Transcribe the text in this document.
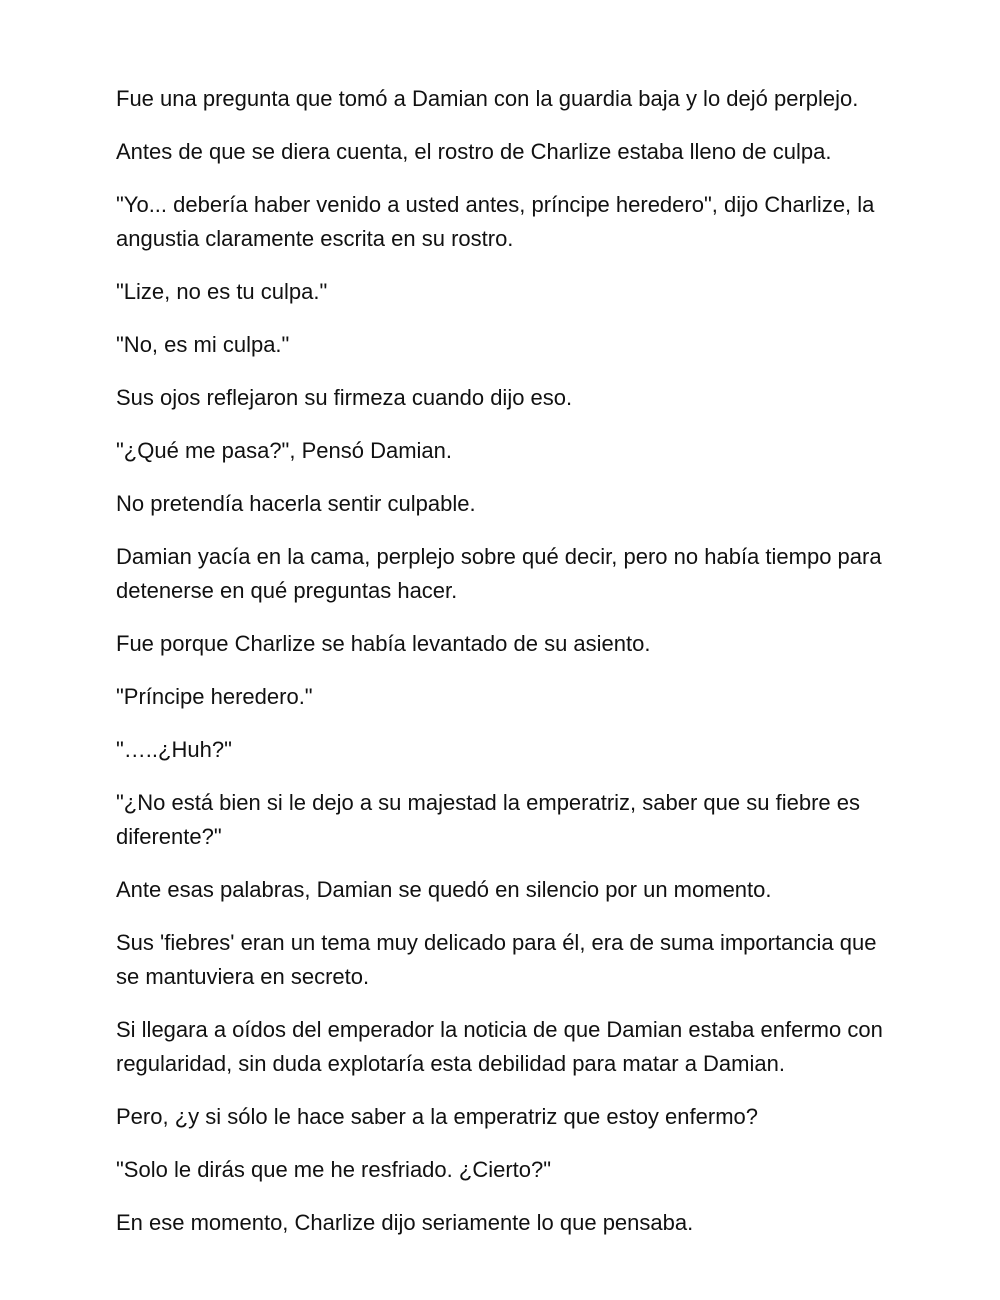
Fue una pregunta que tomó a Damian con la guardia baja y lo dejó perplejo.

Antes de que se diera cuenta, el rostro de Charlize estaba lleno de culpa.

"Yo... debería haber venido a usted antes, príncipe heredero", dijo Charlize, la angustia claramente escrita en su rostro.

"Lize, no es tu culpa."

"No, es mi culpa."

Sus ojos reflejaron su firmeza cuando dijo eso.

"¿Qué me pasa?", Pensó Damian.

No pretendía hacerla sentir culpable.

Damian yacía en la cama, perplejo sobre qué decir, pero no había tiempo para detenerse en qué preguntas hacer.

Fue porque Charlize se había levantado de su asiento.

"Príncipe heredero."

"…..¿Huh?"

"¿No está bien si le dejo a su majestad la emperatriz, saber que su fiebre es diferente?"

Ante esas palabras, Damian se quedó en silencio por un momento.

Sus 'fiebres' eran un tema muy delicado para él, era de suma importancia que se mantuviera en secreto.

Si llegara a oídos del emperador la noticia de que Damian estaba enfermo con regularidad, sin duda explotaría esta debilidad para matar a Damian.

Pero, ¿y si sólo le hace saber a la emperatriz que estoy enfermo?

"Solo le dirás que me he resfriado. ¿Cierto?"

En ese momento, Charlize dijo seriamente lo que pensaba.
